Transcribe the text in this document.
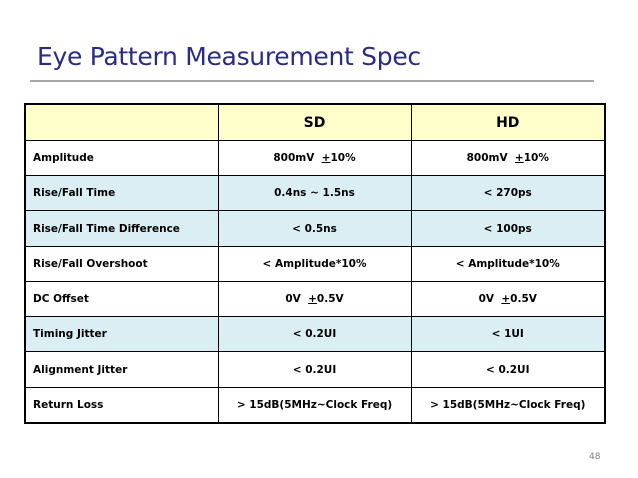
Eye Pattern Measurement Spec
	SD	HD
Amplitude	800mV  +10%	800mV  +10%
Rise/Fall Time	0.4ns ~ 1.5ns	< 270ps
Rise/Fall Time Difference	< 0.5ns	< 100ps
Rise/Fall Overshoot	< Amplitude*10%	< Amplitude*10%
DC Offset	0V  +0.5V	0V  +0.5V
Timing Jitter	< 0.2UI	< 1UI
Alignment Jitter	< 0.2UI	< 0.2UI
Return Loss	> 15dB(5MHz~Clock Freq)	> 15dB(5MHz~Clock Freq)
48
